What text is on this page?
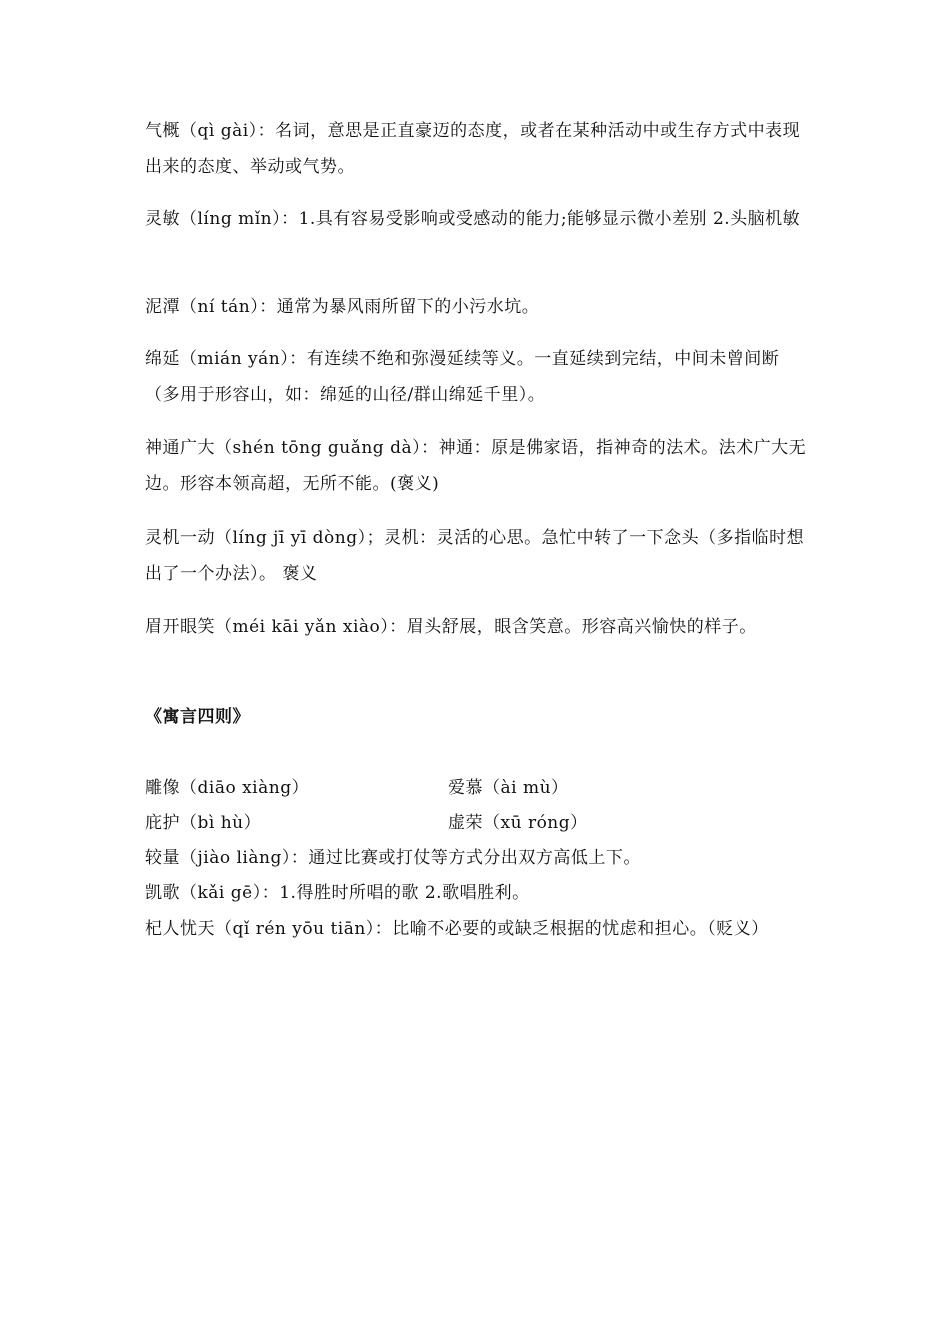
气概（qì gài）：名词，意思是正直豪迈的态度，或者在某种活动中或生存方式中表现出来的态度、举动或气势。
灵敏（líng mǐn）：1.具有容易受影响或受感动的能力;能够显示微小差别 2.头脑机敏
泥潭（ní tán）：通常为暴风雨所留下的小污水坑。
绵延（mián yán）：有连续不绝和弥漫延续等义。一直延续到完结，中间未曾间断（多用于形容山，如：绵延的山径/群山绵延千里）。
神通广大（shén tōng guǎng dà）：神通：原是佛家语，指神奇的法术。法术广大无边。形容本领高超，无所不能。(褒义)
灵机一动（líng jī yī dòng）；灵机：灵活的心思。急忙中转了一下念头（多指临时想出了一个办法）。 褒义
眉开眼笑（méi kāi yǎn xiào）：眉头舒展，眼含笑意。形容高兴愉快的样子。
《寓言四则》
雕像（diāo xiàng）	爱慕（ài mù）
庇护（bì hù）	虚荣（xū róng）
较量（jiào liàng）：通过比赛或打仗等方式分出双方高低上下。
凯歌（kǎi gē）：1.得胜时所唱的歌 2.歌唱胜利。
杞人忧天（qǐ rén yōu tiān）：比喻不必要的或缺乏根据的忧虑和担心。（贬义）
